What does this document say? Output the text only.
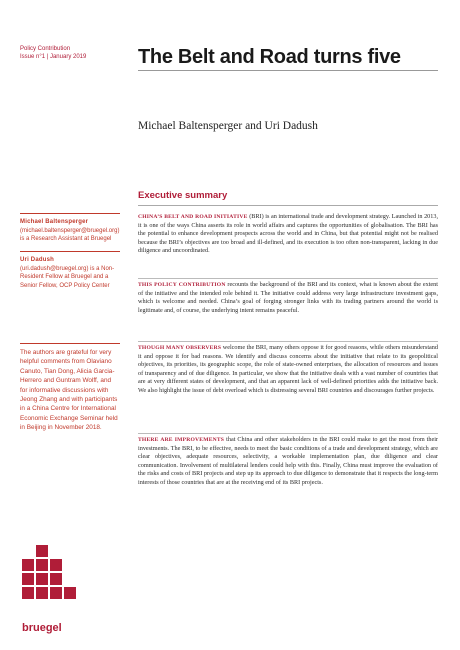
Policy Contribution
Issue n°1 | January 2019	The Belt and Road turns five
Michael Baltensperger and Uri Dadush
Executive summary
Michael Baltensperger (michael.baltensperger@bruegel.org) is a Research Assistant at Bruegel
Uri Dadush (uri.dadush@bruegel.org) is a Non-Resident Fellow at Bruegel and a Senior Fellow, OCP Policy Center
The authors are grateful for very helpful comments from Olaviano Canuto, Tian Dong, Alicia Garcia-Herrero and Guntram Wolff, and for informative discussions with Jeong Zhang and with participants in a China Centre for International Economic Exchange Seminar held in Beijing in November 2018.
CHINA’S BELT AND ROAD INITIATIVE (BRI) is an international trade and development strategy. Launched in 2013, it is one of the ways China asserts its role in world affairs and captures the opportunities of globalisation. The BRI has the potential to enhance development prospects across the world and in China, but that potential might not be realised because the BRI’s objectives are too broad and ill-defined, and its execution is too often non-transparent, lacking in due diligence and uncoordinated.
THIS POLICY CONTRIBUTION recounts the background of the BRI and its context, what is known about the extent of the initiative and the intended role behind it. The initiative could address very large infrastructure investment gaps, which is welcome and needed. China’s goal of forging stronger links with its trading partners around the world is legitimate and, of course, the underlying intent remains peaceful.
THOUGH MANY OBSERVERS welcome the BRI, many others oppose it for good reasons, while others misunderstand it and oppose it for bad reasons. We identify and discuss concerns about the initiative that relate to its geopolitical objectives, its priorities, its geographic scope, the role of state-owned enterprises, the allocation of resources and issues of transparency and of due diligence. In particular, we show that the initiative deals with a vast number of countries that are at very different states of development, and that an apparent lack of well-defined priorities adds the initiative back. We also highlight the issue of debt overload which is distressing several BRI countries and discourages further projects.
THERE ARE IMPROVEMENTS that China and other stakeholders in the BRI could make to get the most from their investments. The BRI, to be effective, needs to meet the basic conditions of a trade and development strategy, which are clear objectives, adequate resources, selectivity, a workable implementation plan, due diligence and clear communication. Involvement of multilateral lenders could help with this. Finally, China must improve the evaluation of the risks and costs of BRI projects and step up its approach to due diligence to demonstrate that it respects the long-term interests of those countries that are at the receiving end of its BRI projects.
bruegel
